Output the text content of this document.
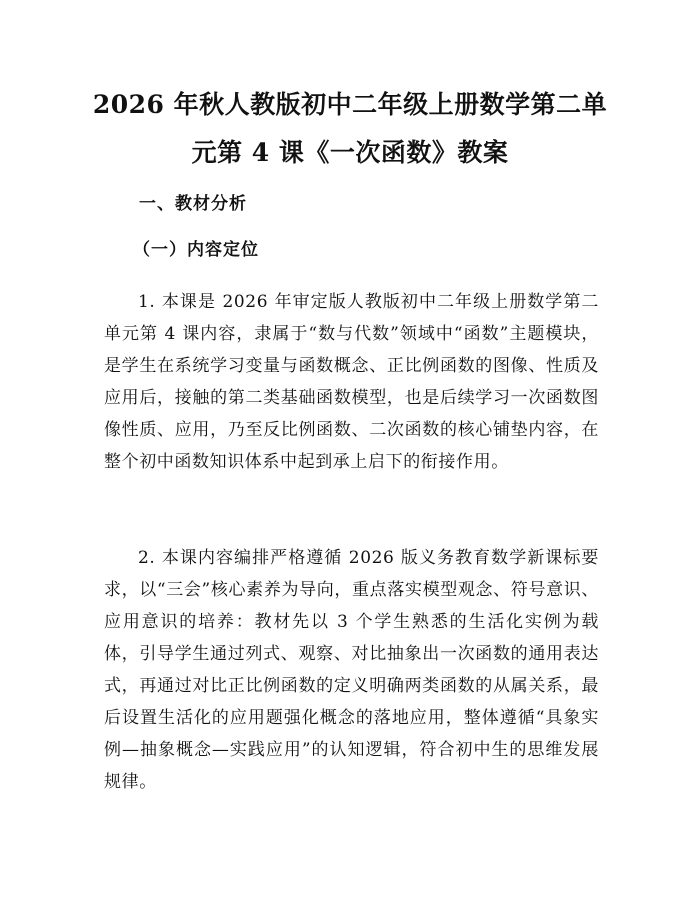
2026 年秋人教版初中二年级上册数学第二单
元第 4 课《一次函数》教案
一、教材分析
（一）内容定位

1. 本课是 2026 年审定版人教版初中二年级上册数学第二单元第 4 课内容，隶属于“数与代数”领域中“函数”主题模块，是学生在系统学习变量与函数概念、正比例函数的图像、性质及应用后，接触的第二类基础函数模型，也是后续学习一次函数图像性质、应用，乃至反比例函数、二次函数的核心铺垫内容，在整个初中函数知识体系中起到承上启下的衔接作用。

2. 本课内容编排严格遵循 2026 版义务教育数学新课标要求，以“三会”核心素养为导向，重点落实模型观念、符号意识、应用意识的培养：教材先以 3 个学生熟悉的生活化实例为载体，引导学生通过列式、观察、对比抽象出一次函数的通用表达式，再通过对比正比例函数的定义明确两类函数的从属关系，最后设置生活化的应用题强化概念的落地应用，整体遵循“具象实例—抽象概念—实践应用”的认知逻辑，符合初中生的思维发展规律。
